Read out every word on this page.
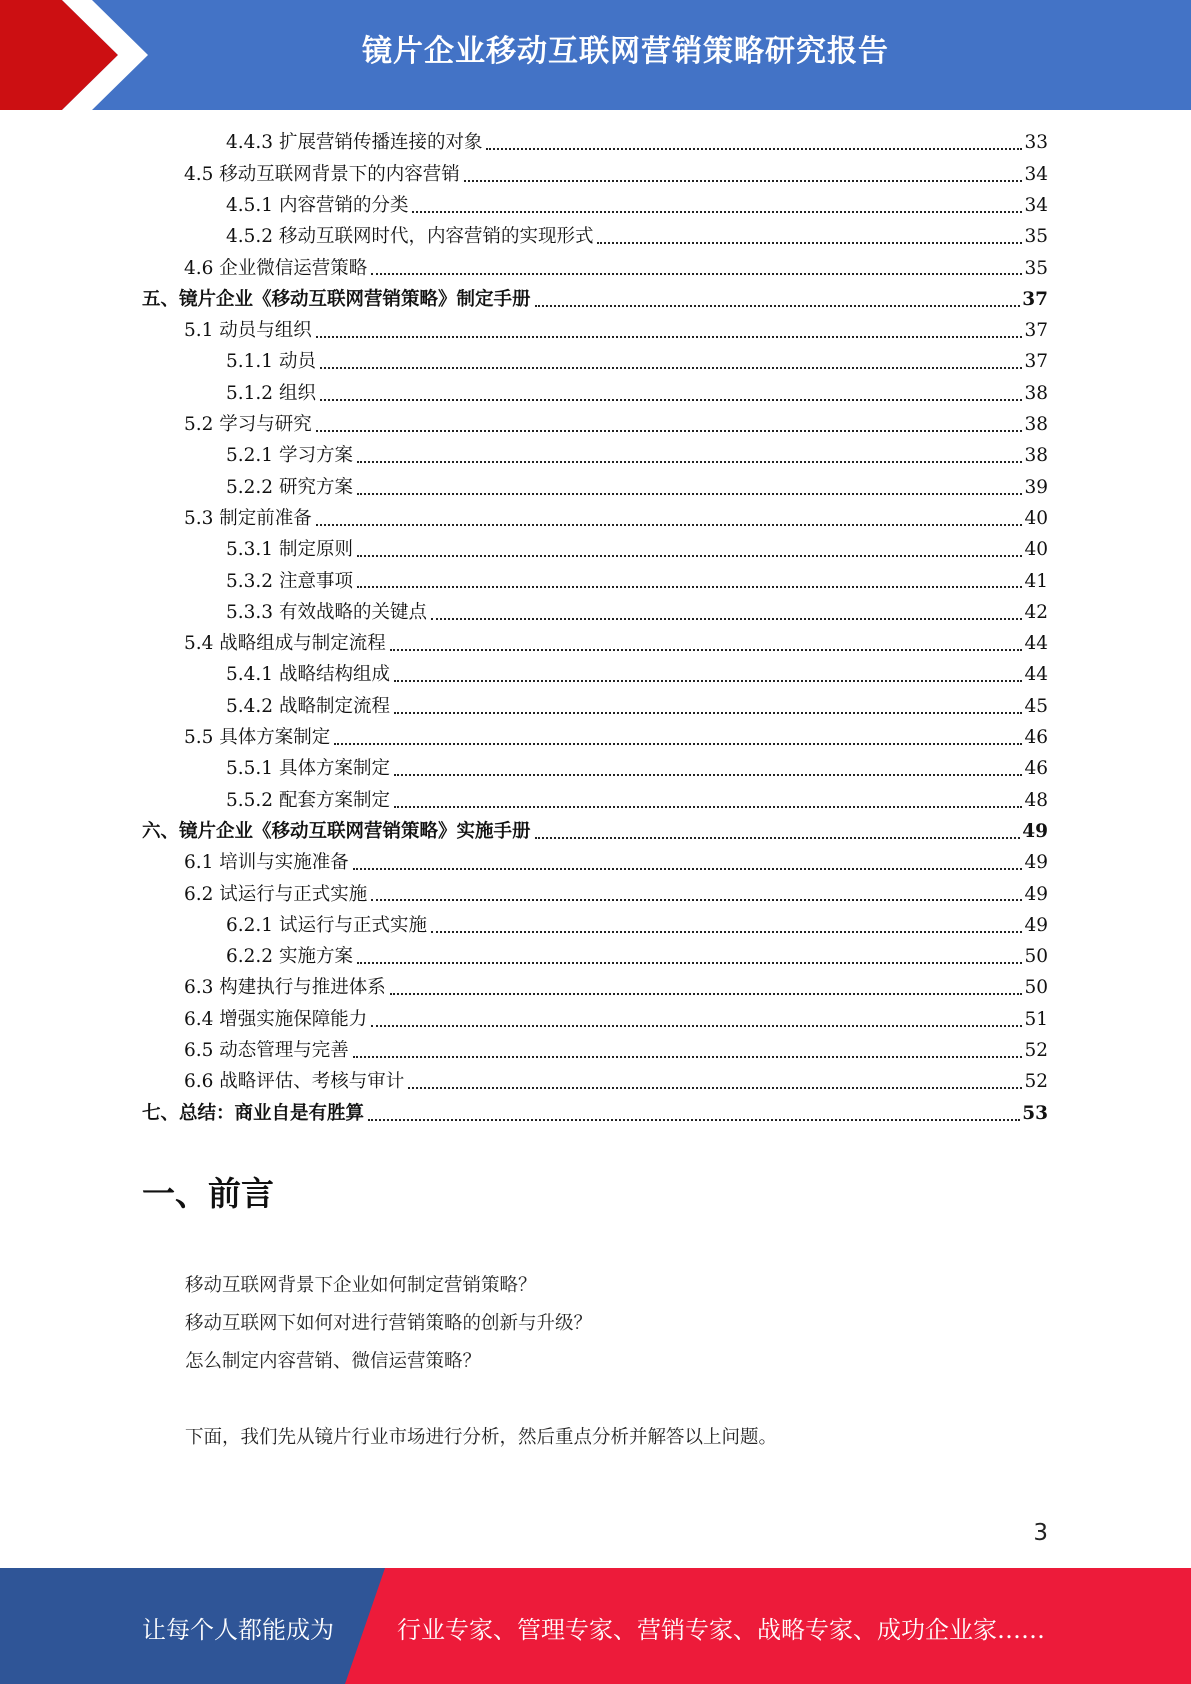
镜片企业移动互联网营销策略研究报告
4.4.3 扩展营销传播连接的对象	33
4.5 移动互联网背景下的内容营销	34
4.5.1 内容营销的分类	34
4.5.2 移动互联网时代，内容营销的实现形式	35
4.6 企业微信运营策略	35
五、镜片企业《移动互联网营销策略》制定手册	37
5.1 动员与组织	37
5.1.1 动员	37
5.1.2 组织	38
5.2 学习与研究	38
5.2.1 学习方案	38
5.2.2 研究方案	39
5.3 制定前准备	40
5.3.1 制定原则	40
5.3.2 注意事项	41
5.3.3 有效战略的关键点	42
5.4 战略组成与制定流程	44
5.4.1 战略结构组成	44
5.4.2 战略制定流程	45
5.5 具体方案制定	46
5.5.1 具体方案制定	46
5.5.2 配套方案制定	48
六、镜片企业《移动互联网营销策略》实施手册	49
6.1 培训与实施准备	49
6.2 试运行与正式实施	49
6.2.1 试运行与正式实施	49
6.2.2 实施方案	50
6.3 构建执行与推进体系	50
6.4 增强实施保障能力	51
6.5 动态管理与完善	52
6.6 战略评估、考核与审计	52
七、总结：商业自是有胜算	53
一、前言
移动互联网背景下企业如何制定营销策略？
移动互联网下如何对进行营销策略的创新与升级？
怎么制定内容营销、微信运营策略？
下面，我们先从镜片行业市场进行分析，然后重点分析并解答以上问题。
3
让每个人都能成为	行业专家、管理专家、营销专家、战略专家、成功企业家……
